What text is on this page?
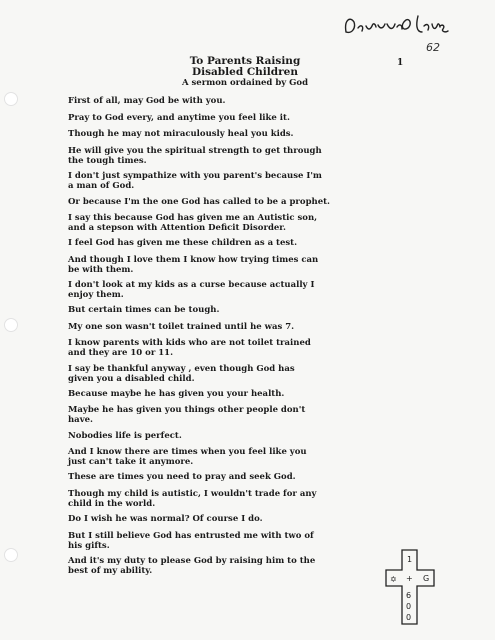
62
1

To Parents Raising

Disabled Children

A sermon ordained by God

First of all, may God be with you.

Pray to God every, and anytime you feel like it.

Though he may not miraculously heal you kids.

He will give you the spiritual strength to get through
the tough times.

I don't just sympathize with you parent's because I'm
a man of God.

Or because I'm the one God has called to be a prophet.

I say this because God has given me an Autistic son,
and a stepson with Attention Deficit Disorder.

I feel God has given me these children as a test.

And though I love them I know how trying times can
be with them.

I don't look at my kids as a curse because actually I
enjoy them.

But certain times can be tough.

My one son wasn't toilet trained until he was 7.

I know parents with kids who are not toilet trained
and they are 10 or 11.

I say be thankful anyway , even though God has
given you a disabled child.

Because maybe he has given you your health.

Maybe he has given you things other people don't
have.

Nobodies life is perfect.

And I know there are times when you feel like you
just can't take it anymore.

These are times you need to pray and seek God.

Though my child is autistic, I wouldn't trade for any
child in the world.

Do I wish he was normal? Of course I do.

But I still believe God has entrusted me with two of
his gifts.

And it's my duty to please God by raising him to the
best of my ability.

1
✡ + G
6
0
0
